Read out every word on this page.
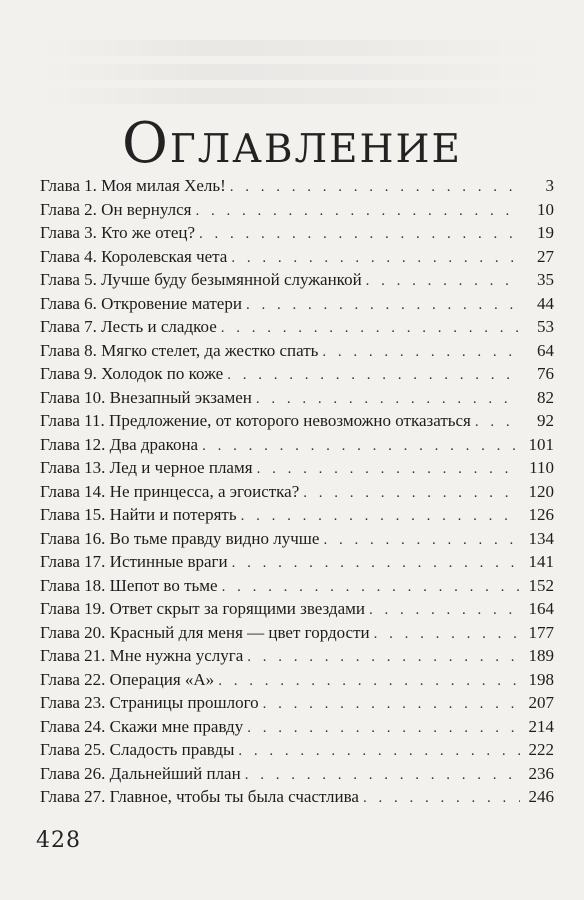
Оглавление
Глава 1. Моя милая Хель! . . .	3
Глава 2. Он вернулся . . .	10
Глава 3. Кто же отец? . . .	19
Глава 4. Королевская чета . . .	27
Глава 5. Лучше буду безымянной служанкой . . .	35
Глава 6. Откровение матери . . .	44
Глава 7. Лесть и сладкое . . .	53
Глава 8. Мягко стелет, да жестко спать . . .	64
Глава 9. Холодок по коже . . .	76
Глава 10. Внезапный экзамен . . .	82
Глава 11. Предложение, от которого невозможно отказаться . . .	92
Глава 12. Два дракона . . .	101
Глава 13. Лед и черное пламя . . .	110
Глава 14. Не принцесса, а эгоистка? . . .	120
Глава 15. Найти и потерять . . .	126
Глава 16. Во тьме правду видно лучше . . .	134
Глава 17. Истинные враги . . .	141
Глава 18. Шепот во тьме . . .	152
Глава 19. Ответ скрыт за горящими звездами . . .	164
Глава 20. Красный для меня — цвет гордости . . .	177
Глава 21. Мне нужна услуга . . .	189
Глава 22. Операция «А» . . .	198
Глава 23. Страницы прошлого . . .	207
Глава 24. Скажи мне правду . . .	214
Глава 25. Сладость правды . . .	222
Глава 26. Дальнейший план . . .	236
Глава 27. Главное, чтобы ты была счастлива . . .	246
428
